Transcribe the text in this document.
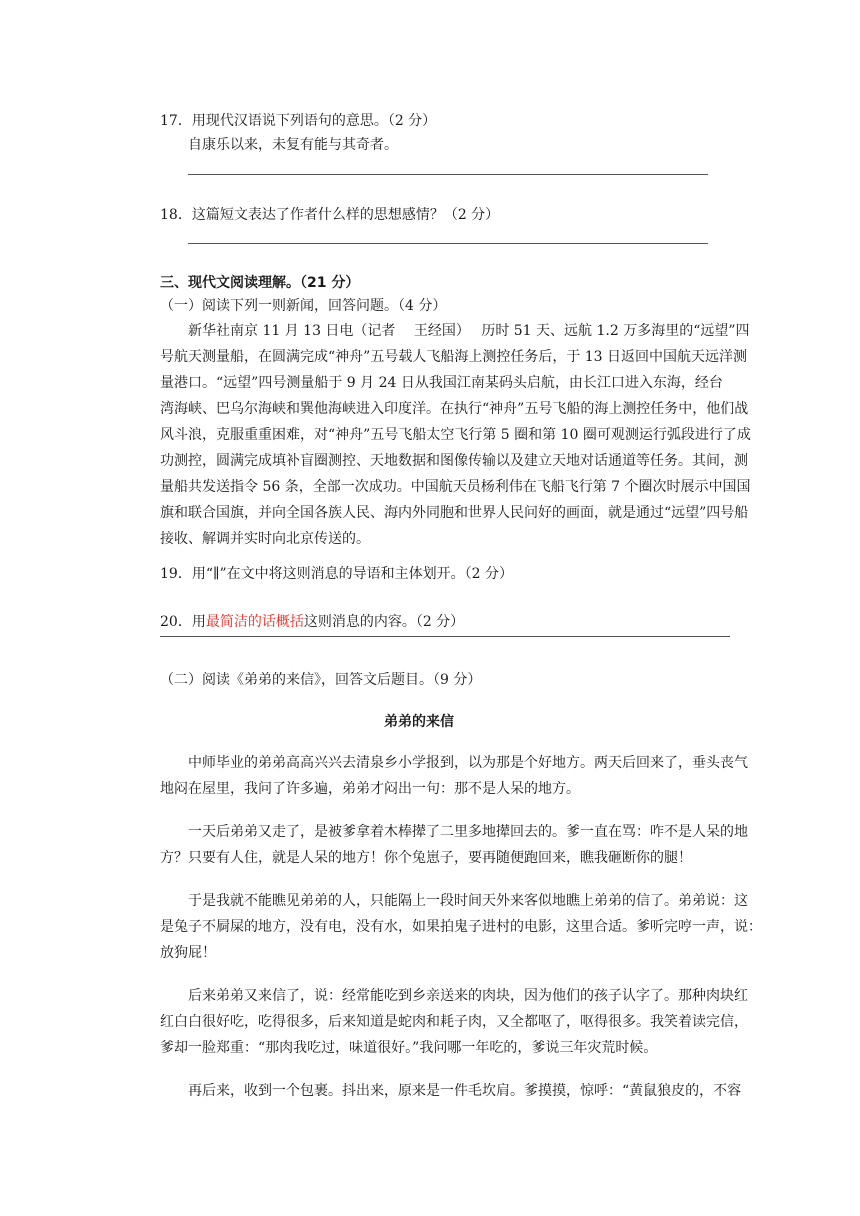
17．用现代汉语说下列语句的意思。（2 分）
自康乐以来，未复有能与其奇者。
18．这篇短文表达了作者什么样的思想感情？（2 分）
三、现代文阅读理解。（21 分）
（一）阅读下列一则新闻，回答问题。（4 分）
新华社南京 11 月 13 日电（记者　 王经国）　 历时 51 天、远航 1.2 万多海里的“远望”四
号航天测量船，在圆满完成“神舟”五号载人飞船海上测控任务后，于 13 日返回中国航天远洋测
量港口。“远望”四号测量船于 9 月 24 日从我国江南某码头启航，由长江口进入东海，经台
湾海峡、巴乌尔海峡和巽他海峡进入印度洋。在执行“神舟”五号飞船的海上测控任务中，他们战
风斗浪，克服重重困难，对“神舟”五号飞船太空飞行第 5 圈和第 10 圈可观测运行弧段进行了成
功测控，圆满完成填补盲圈测控、天地数据和图像传输以及建立天地对话通道等任务。其间，测
量船共发送指令 56 条，全部一次成功。中国航天员杨利伟在飞船飞行第 7 个圈次时展示中国国
旗和联合国旗，并向全国各族人民、海内外同胞和世界人民问好的画面，就是通过“远望”四号船
接收、解调并实时向北京传送的。
19．用“∥”在文中将这则消息的导语和主体划开。（2 分）
20．用最简洁的话概括这则消息的内容。（2 分）
（二）阅读《弟弟的来信》，回答文后题目。（9 分）
弟弟的来信
中师毕业的弟弟高高兴兴去清泉乡小学报到，以为那是个好地方。两天后回来了，垂头丧气
地闷在屋里，我问了许多遍，弟弟才闷出一句：那不是人呆的地方。
一天后弟弟又走了，是被爹拿着木棒撵了二里多地撵回去的。爹一直在骂：咋不是人呆的地
方？只要有人住，就是人呆的地方！你个兔崽子，要再随便跑回来，瞧我砸断你的腿！
于是我就不能瞧见弟弟的人，只能隔上一段时间天外来客似地瞧上弟弟的信了。弟弟说：这
是兔子不屙屎的地方，没有电，没有水，如果拍鬼子进村的电影，这里合适。爹听完哼一声，说：
放狗屁！
后来弟弟又来信了，说：经常能吃到乡亲送来的肉块，因为他们的孩子认字了。那种肉块红
红白白很好吃，吃得很多，后来知道是蛇肉和耗子肉，又全都呕了，呕得很多。我笑着读完信，
爹却一脸郑重：“那肉我吃过，味道很好。”我问哪一年吃的，爹说三年灾荒时候。
再后来，收到一个包裹。抖出来，原来是一件毛坎肩。爹摸摸，惊呼：“黄鼠狼皮的，不容
